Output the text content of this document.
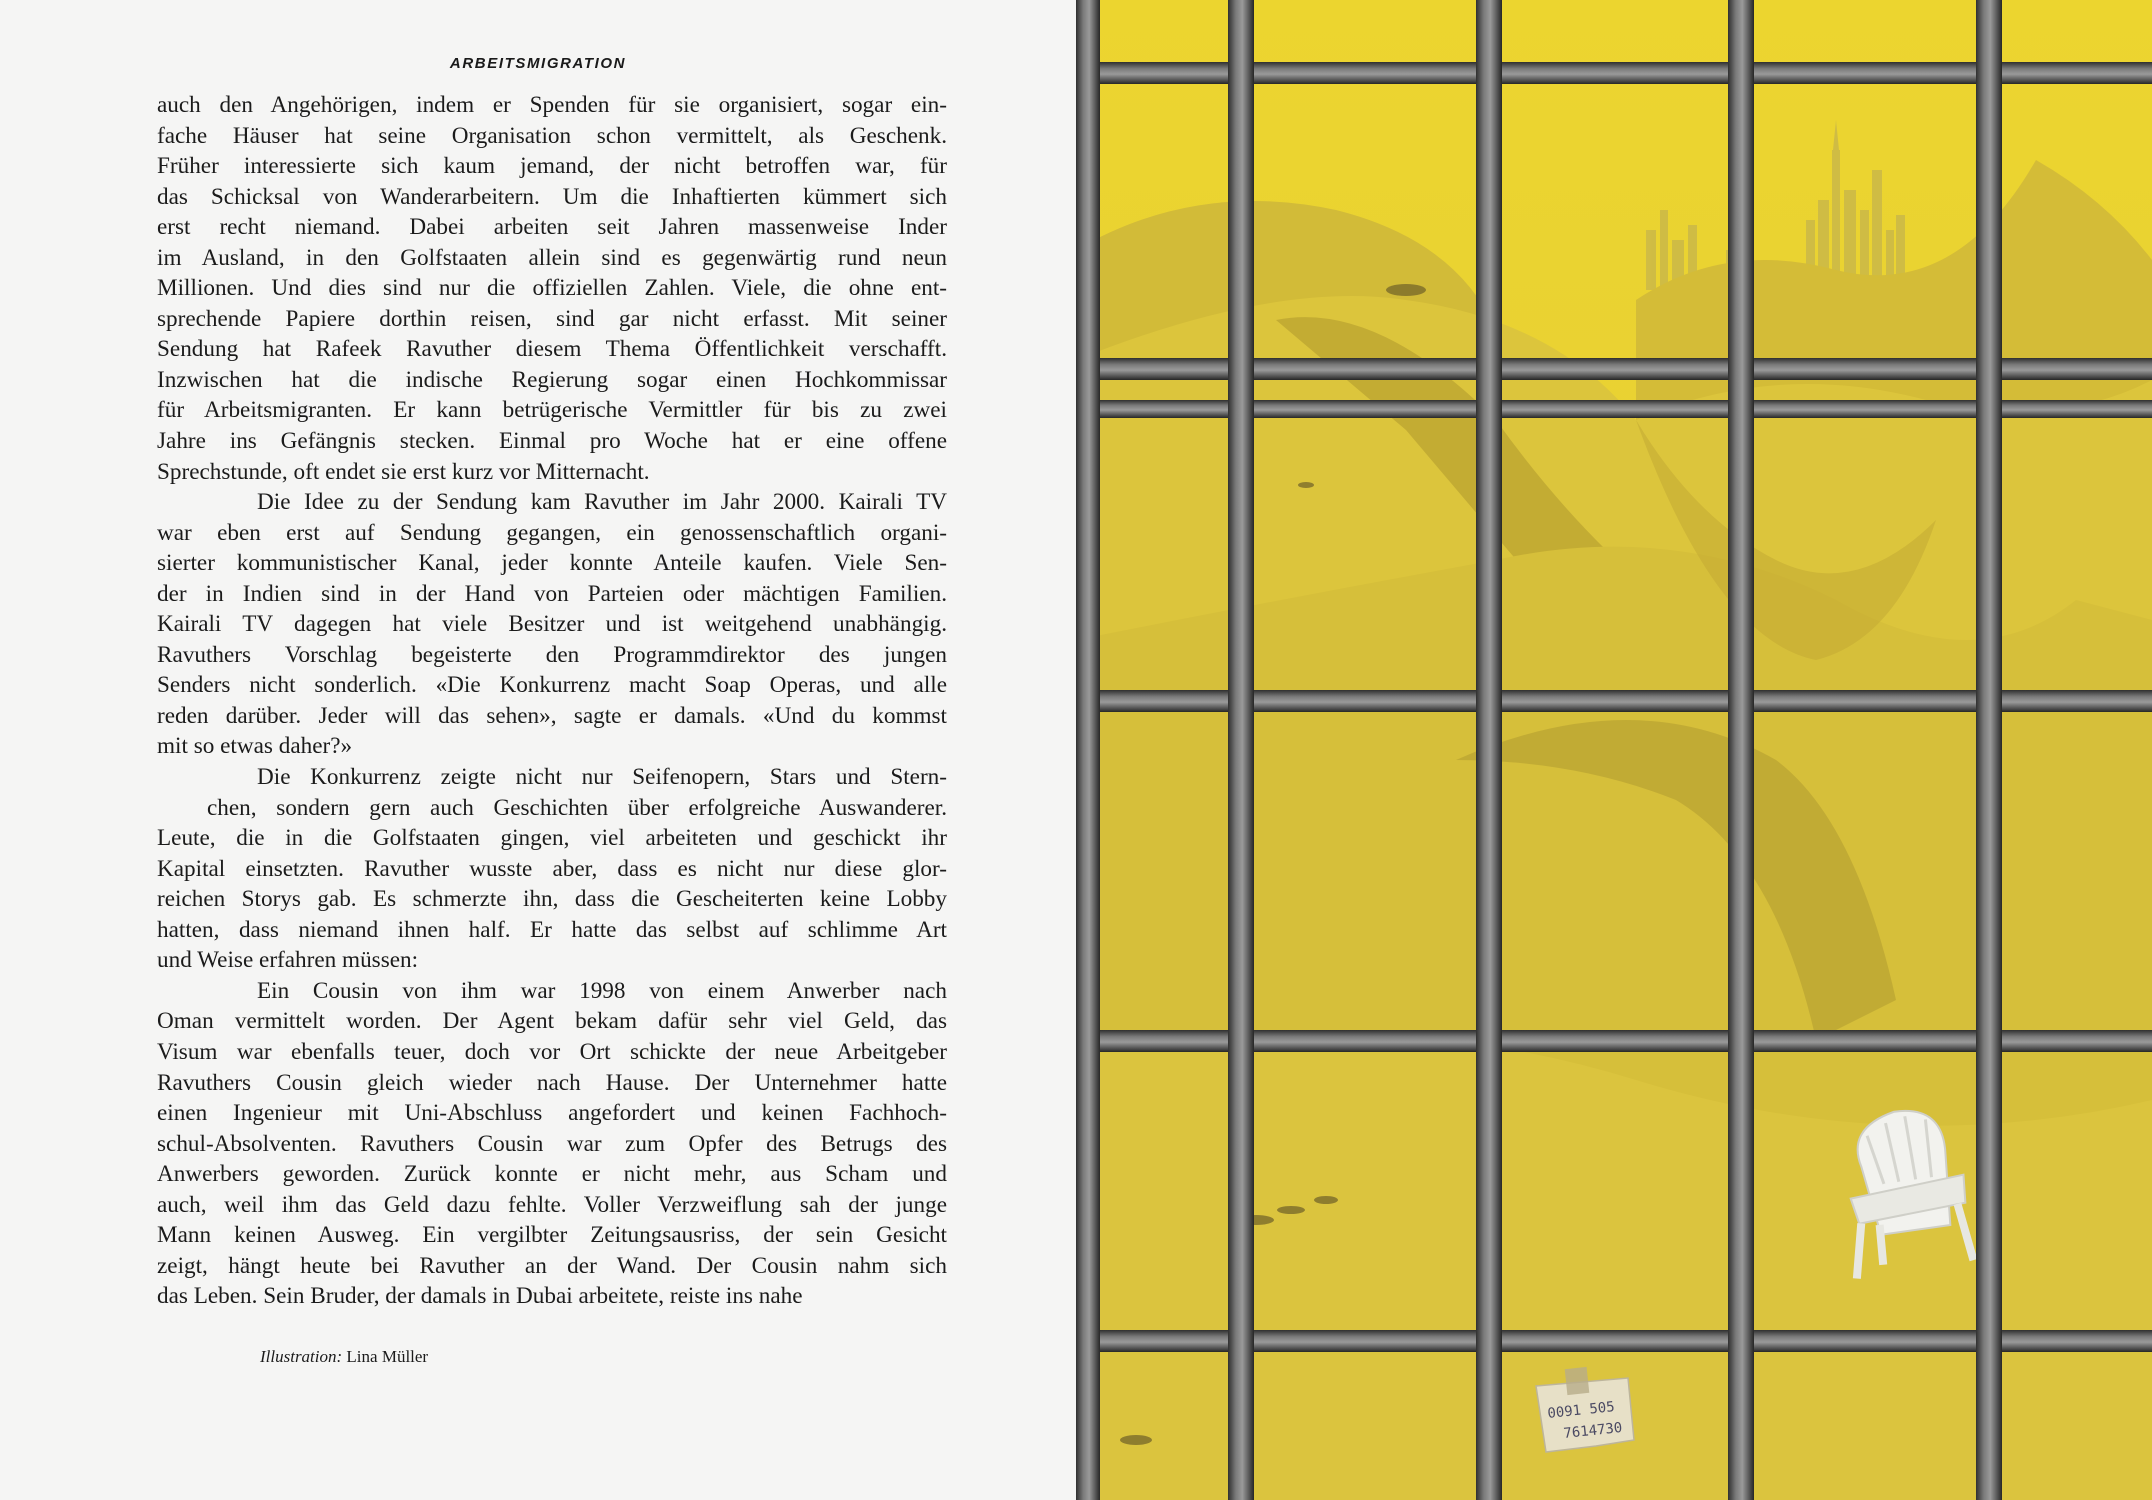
ARBEITSMIGRATION

auch den Angehörigen, indem er Spenden für sie organisiert, sogar ein-
fache Häuser hat seine Organisation schon vermittelt, als Geschenk.
Früher interessierte sich kaum jemand, der nicht betroffen war, für
das Schicksal von Wanderarbeitern. Um die Inhaftierten kümmert sich
erst recht niemand. Dabei arbeiten seit Jahren massenweise Inder
im Ausland, in den Golfstaaten allein sind es gegenwärtig rund neun
Millionen. Und dies sind nur die offiziellen Zahlen. Viele, die ohne ent-
sprechende Papiere dorthin reisen, sind gar nicht erfasst. Mit seiner
Sendung hat Rafeek Ravuther diesem Thema Öffentlichkeit verschafft.
Inzwischen hat die indische Regierung sogar einen Hochkommissar
für Arbeitsmigranten. Er kann betrügerische Vermittler für bis zu zwei
Jahre ins Gefängnis stecken. Einmal pro Woche hat er eine offene
Sprechstunde, oft endet sie erst kurz vor Mitternacht.

Die Idee zu der Sendung kam Ravuther im Jahr 2000. Kairali TV
war eben erst auf Sendung gegangen, ein genossenschaftlich organi-
sierter kommunistischer Kanal, jeder konnte Anteile kaufen. Viele Sen-
der in Indien sind in der Hand von Parteien oder mächtigen Familien.
Kairali TV dagegen hat viele Besitzer und ist weitgehend unabhängig.
Ravuthers Vorschlag begeisterte den Programmdirektor des jungen
Senders nicht sonderlich. «Die Konkurrenz macht Soap Operas, und alle
reden darüber. Jeder will das sehen», sagte er damals. «Und du kommst
mit so etwas daher?»

Die Konkurrenz zeigte nicht nur Seifenopern, Stars und Stern-
chen, sondern gern auch Geschichten über erfolgreiche Auswanderer.
Leute, die in die Golfstaaten gingen, viel arbeiteten und geschickt ihr
Kapital einsetzten. Ravuther wusste aber, dass es nicht nur diese glor-
reichen Storys gab. Es schmerzte ihn, dass die Gescheiterten keine Lobby
hatten, dass niemand ihnen half. Er hatte das selbst auf schlimme Art
und Weise erfahren müssen:

Ein Cousin von ihm war 1998 von einem Anwerber nach
Oman vermittelt worden. Der Agent bekam dafür sehr viel Geld, das
Visum war ebenfalls teuer, doch vor Ort schickte der neue Arbeitgeber
Ravuthers Cousin gleich wieder nach Hause. Der Unternehmer hatte
einen Ingenieur mit Uni-Abschluss angefordert und keinen Fachhoch-
schul-Absolventen. Ravuthers Cousin war zum Opfer des Betrugs des
Anwerbers geworden. Zurück konnte er nicht mehr, aus Scham und
auch, weil ihm das Geld dazu fehlte. Voller Verzweiflung sah der junge
Mann keinen Ausweg. Ein vergilbter Zeitungsausriss, der sein Gesicht
zeigt, hängt heute bei Ravuther an der Wand. Der Cousin nahm sich
das Leben. Sein Bruder, der damals in Dubai arbeitete, reiste ins nahe

Illustration: Lina Müller
0091 505
7614730
